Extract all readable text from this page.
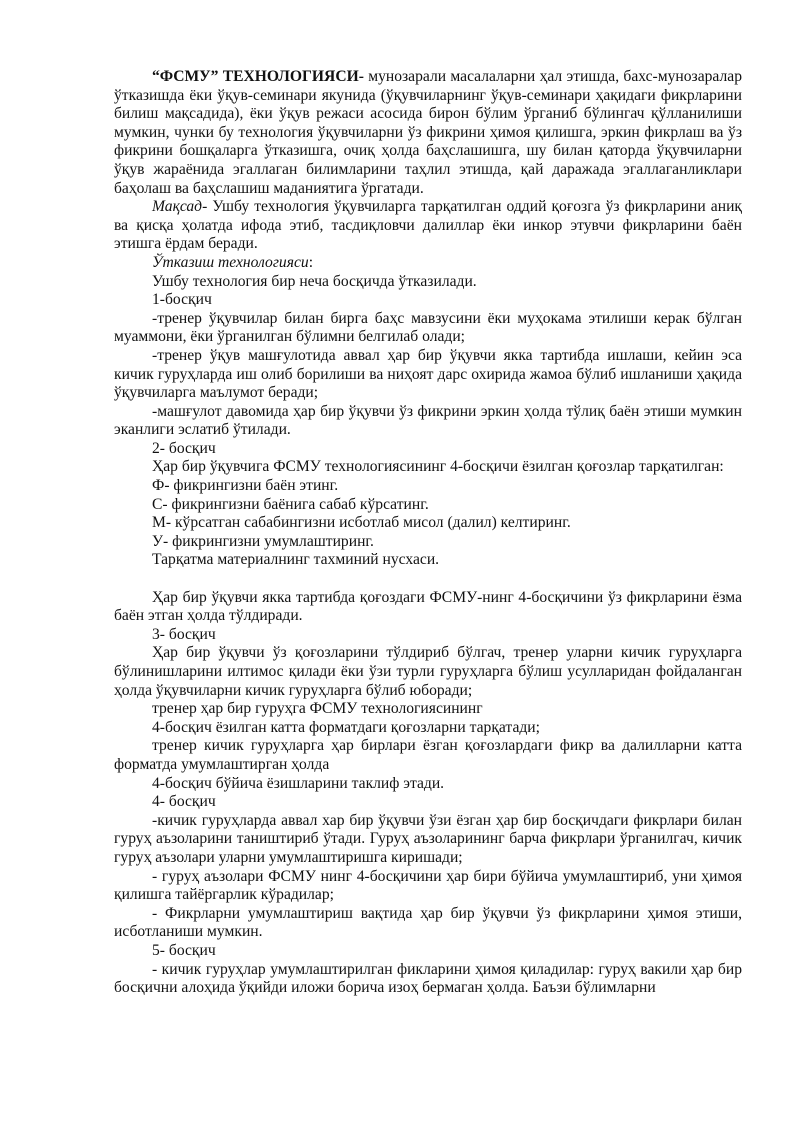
“ФСМУ” ТЕХНОЛОГИЯСИ- мунозарали масалаларни ҳал этишда, бахс-мунозаралар ўтказишда ёки ўқув-семинари якунида (ўқувчиларнинг ўқув-семинари ҳақидаги фикрларини билиш мақсадида), ёки ўқув режаси асосида бирон бўлим ўрганиб бўлингач қўлланилиши мумкин, чунки бу технология ўқувчиларни ўз фикрини ҳимоя қилишга, эркин фикрлаш ва ўз фикрини бошқаларга ўтказишга, очиқ ҳолда баҳслашишга, шу билан қаторда ўқувчиларни ўқув жараёнида эгаллаган билимларини таҳлил этишда, қай даражада эгаллаганликлари баҳолаш ва баҳслашиш маданиятига ўргатади.

Мақсад- Ушбу технология ўқувчиларга тарқатилган оддий қоғозга ўз фикрларини аниқ ва қисқа ҳолатда ифода этиб, тасдиқловчи далиллар ёки инкор этувчи фикрларини баён этишга ёрдам беради.

Ўтказиш технологияси:

Ушбу технология бир неча босқичда ўтказилади.

1-босқич

-тренер ўқувчилар билан бирга баҳс мавзусини ёки муҳокама этилиши керак бўлган муаммони, ёки ўрганилган бўлимни белгилаб олади;

-тренер ўқув машғулотида аввал ҳар бир ўқувчи якка тартибда ишлаши, кейин эса кичик гуруҳларда иш олиб борилиши ва ниҳоят дарс охирида жамоа бўлиб ишланиши ҳақида ўқувчиларга маълумот беради;

-машғулот давомида ҳар бир ўқувчи ўз фикрини эркин ҳолда тўлиқ баён этиши мумкин эканлиги эслатиб ўтилади.

2- босқич

Ҳар бир ўқувчига ФСМУ технологиясининг 4-босқичи ёзилган қоғозлар тарқатилган:

Ф- фикрингизни баён этинг.

С- фикрингизни баёнига сабаб кўрсатинг.

М- кўрсатган сабабингизни исботлаб мисол (далил) келтиринг.

У- фикрингизни умумлаштиринг.

Тарқатма материалнинг тахминий нусхаси.

Ҳар бир ўқувчи якка тартибда қоғоздаги ФСМУ-нинг 4-босқичини ўз фикрларини ёзма баён этган ҳолда тўлдиради.

3- босқич

Ҳар бир ўқувчи ўз қоғозларини тўлдириб бўлгач, тренер уларни кичик гуруҳларга бўлинишларини илтимос қилади ёки ўзи турли гуруҳларга бўлиш усулларидан фойдаланган ҳолда ўқувчиларни кичик гуруҳларга бўлиб юборади;

тренер ҳар бир гуруҳга ФСМУ технологиясининг

4-босқич ёзилган катта форматдаги қоғозларни тарқатади;

тренер кичик гуруҳларга ҳар бирлари ёзган қоғозлардаги фикр ва далилларни катта форматда умумлаштирган ҳолда

4-босқич бўйича ёзишларини таклиф этади.

4- босқич

-кичик гуруҳларда аввал хар бир ўқувчи ўзи ёзган ҳар бир босқичдаги фикрлари билан гуруҳ аъзоларини таништириб ўтади. Гуруҳ аъзоларининг барча фикрлари ўрганилгач, кичик гуруҳ аъзолари уларни умумлаштиришга киришади;

- гуруҳ аъзолари ФСМУ нинг 4-босқичини ҳар бири бўйича умумлаштириб, уни ҳимоя қилишга тайёргарлик кўрадилар;

- Фикрларни умумлаштириш вақтида ҳар бир ўқувчи ўз фикрларини ҳимоя этиши, исботланиши мумкин.

5- босқич

- кичик гуруҳлар умумлаштирилган фикларини ҳимоя қиладилар: гуруҳ вакили ҳар бир босқични алоҳида ўқийди иложи борича изоҳ бермаган ҳолда. Баъзи бўлимларни
